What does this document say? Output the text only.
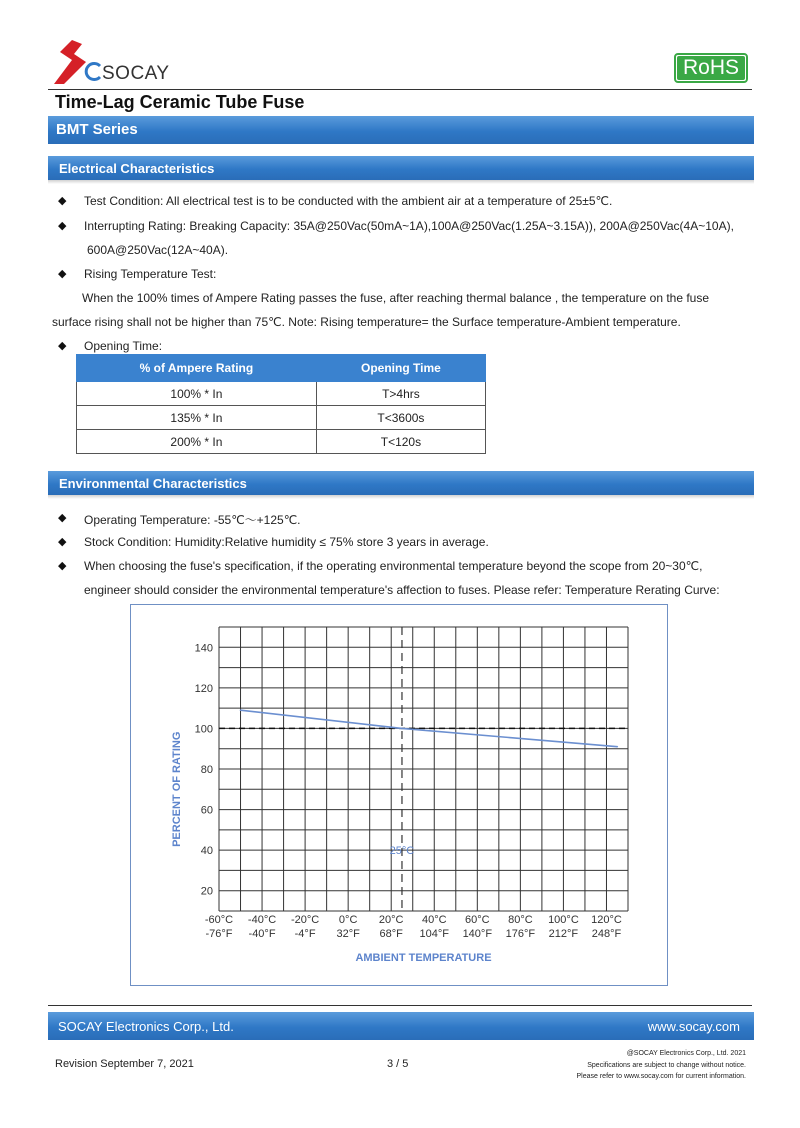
SOCAY	RoHS
Time-Lag Ceramic Tube Fuse
BMT Series
Electrical Characteristics
◆ Test Condition: All electrical test is to be conducted with the ambient air at a temperature of 25±5℃.
◆ Interrupting Rating: Breaking Capacity: 35A@250Vac(50mA~1A),100A@250Vac(1.25A~3.15A)), 200A@250Vac(4A~10A),
600A@250Vac(12A~40A).
◆ Rising Temperature Test:
When the 100% times of Ampere Rating passes the fuse, after reaching thermal balance , the temperature on the fuse
surface rising shall not be higher than 75℃. Note: Rising temperature= the Surface temperature-Ambient temperature.
◆ Opening Time:
% of Ampere Rating	Opening Time
100% * In	T>4hrs
135% * In	T<3600s
200% * In	T<120s
Environmental Characteristics
◆ Operating Temperature: -55℃～+125℃.
◆ Stock Condition: Humidity:Relative humidity ≤ 75% store 3 years in average.
◆ When choosing the fuse's specification, if the operating environmental temperature beyond the scope from 20~30℃,
engineer should consider the environmental temperature's affection to fuses. Please refer: Temperature Rerating Curve:
20
40
60
80
100
120
140
-60°C -40°C -20°C 0°C 20°C 40°C 60°C 80°C 100°C 120°C
-76°F -40°F -4°F 32°F 68°F 104°F 140°F 176°F 212°F 248°F
25°C
AMBIENT TEMPERATURE
PERCENT OF RATING
SOCAY Electronics Corp., Ltd.	www.socay.com
Revision September 7, 2021	3 / 5
@SOCAY Electronics Corp., Ltd. 2021
Specifications are subject to change without notice.
Please refer to www.socay.com for current information.
